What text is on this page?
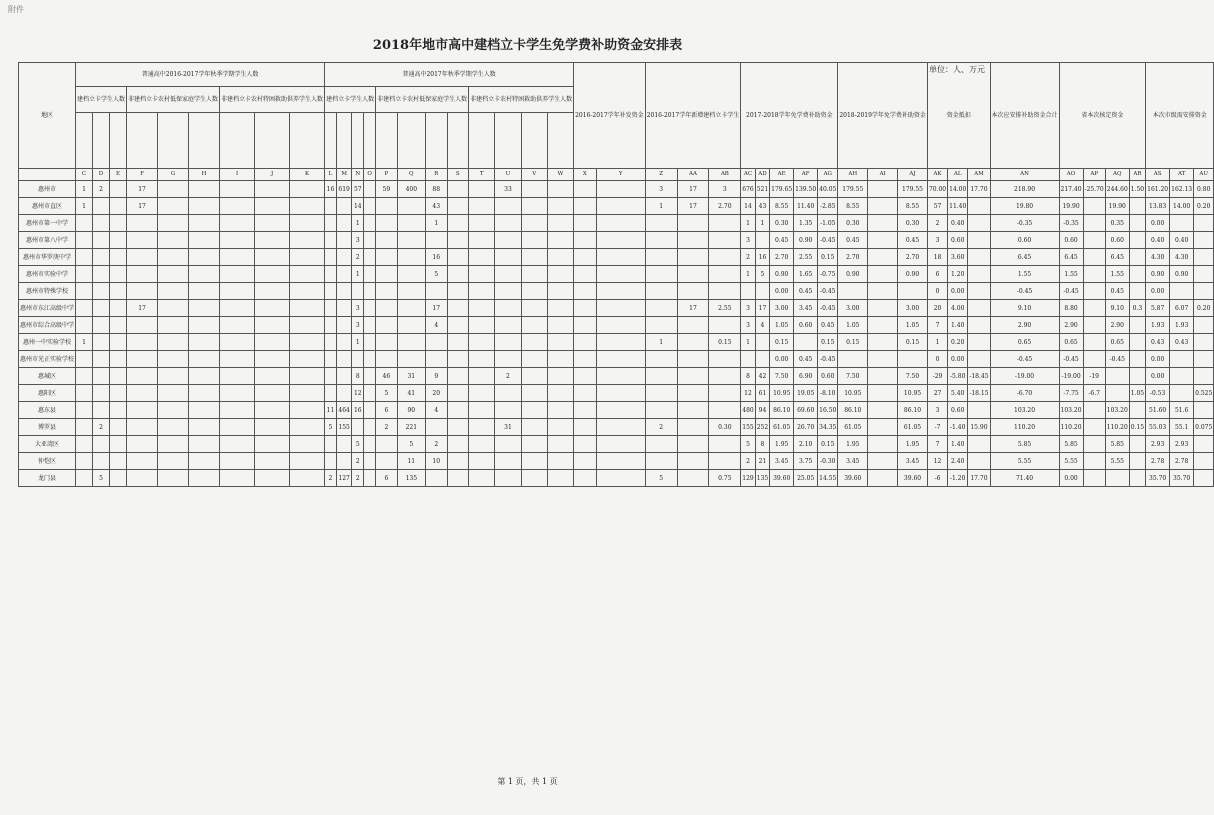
附件
2018年地市高中建档立卡学生免学费补助资金安排表
单位：人、万元
地区	普通高中2016-2017学年秋季学期学生人数									普通高中2017年秋季学期学生人数												2016-2017学年补发资金		2016-2017学年新增建档立卡学生			2017-2018学年免学费补助资金					2018-2019学年免学费补助资金			资金抵扣			本次应安排补助资金合计	省本次核定资金				本次市级需安排资金		
	建档立卡学生人数			非建档立卡农村低保家庭学生人数			非建档立卡农村特困救助供养学生人数			建档立卡学生人数				非建档立卡农村低保家庭学生人数				非建档立卡农村特困救助供养学生人数																											

	C	D	E	F	G	H	I	J	K	L	M	N	O	P	Q	R	S	T	U	V	W	X	Y	Z	AA	AB	AC	AD	AE	AF	AG	AH	AI	AJ	AK	AL	AM	AN	AO	AP	AQ	AR	AS	AT	AU
惠州市	1	2		17						16	619	57		59	400	88			33					3	17	3	676	521	179.65	139.50	40.05	179.55		179.55	70.00	14.00	17.70	218.90	217.40	-25.70	244.60	1.50	161.20	162.13	0.80
惠州市直区	1			17								14				43								1	17	2.70	14	43	8.55	11.40	-2.85	8.55		8.55	57	11.40		19.80	19.90		19.90		13.83	14.00	0.20
惠州市第一中学												1				1											1	1	0.30	1.35	-1.05	0.30		0.30	2	0.40		-0.35	-0.35		0.35		0.00		
惠州市第八中学												3															3		0.45	0.90	-0.45	0.45		0.45	3	0.60		0.60	0.60		0.60		0.40	0.40	
惠州市华罗庚中学												2				16											2	16	2.70	2.55	0.15	2.70		2.70	18	3.60		6.45	6.45		6.45		4.30	4.30	
惠州市实验中学												1				5											1	5	0.90	1.65	-0.75	0.90		0.90	6	1.20		1.55	1.55		1.55		0.90	0.90	
惠州市特殊学校																													0.00	0.45	-0.45				0	0.00		-0.45	-0.45		0.45		0.00		
惠州市东江高级中学				17								3				17									17	2.55	3	17	3.00	3.45	-0.45	3.00		3.00	20	4.00		9.10	8.80		9.10	0.3	5.87	6.07	0.20
惠州市综合高级中学												3				4											3	4	1.05	0.60	0.45	1.05		1.05	7	1.40		2.90	2.90		2.90		1.93	1.93	
惠州一中实验学校	1											1												1		0.15	1		0.15		0.15	0.15		0.15	1	0.20		0.65	0.65		0.65		0.43	0.43	
惠州市光正实验学校																													0.00	0.45	-0.45				0	0.00		-0.45	-0.45		-0.45		0.00		
惠城区												8		46	31	9			2								8	42	7.50	6.90	0.60	7.50		7.50	-29	-5.80	-18.45	-19.00	-19.00	-19			0.00		
惠阳区												12		5	41	20											12	61	10.95	19.05	-8.10	10.95		10.95	27	5.40	-18.15	-6.70	-7.75	-6.7		1.05	-0.53		0.525
惠东县										11	464	16		6	90	4											480	94	86.10	69.60	16.50	86.10		86.10	3	0.60		103.20	103.20		103.20		51.60	51.6	
博罗县		2								5	155			2	221				31					2		0.30	155	252	61.05	26.70	34.35	61.05		61.05	-7	-1.40	15.90	110.20	110.20		110.20	0.15	55.03	55.1	0.075
大亚湾区												5			5	2											5	8	1.95	2.10	0.15	1.95		1.95	7	1.40		5.85	5.85		5.85		2.93	2.93	
仲恺区												2			11	10											2	21	3.45	3.75	-0.30	3.45		3.45	12	2.40		5.55	5.55		5.55		2.78	2.78	
龙门县		5								2	127	2		6	135									5		0.75	129	135	39.60	25.05	14.55	39.60		39.60	-6	-1.20	17.70	71.40	0.00				35.70	35.70	
第 1 页，共 1 页
